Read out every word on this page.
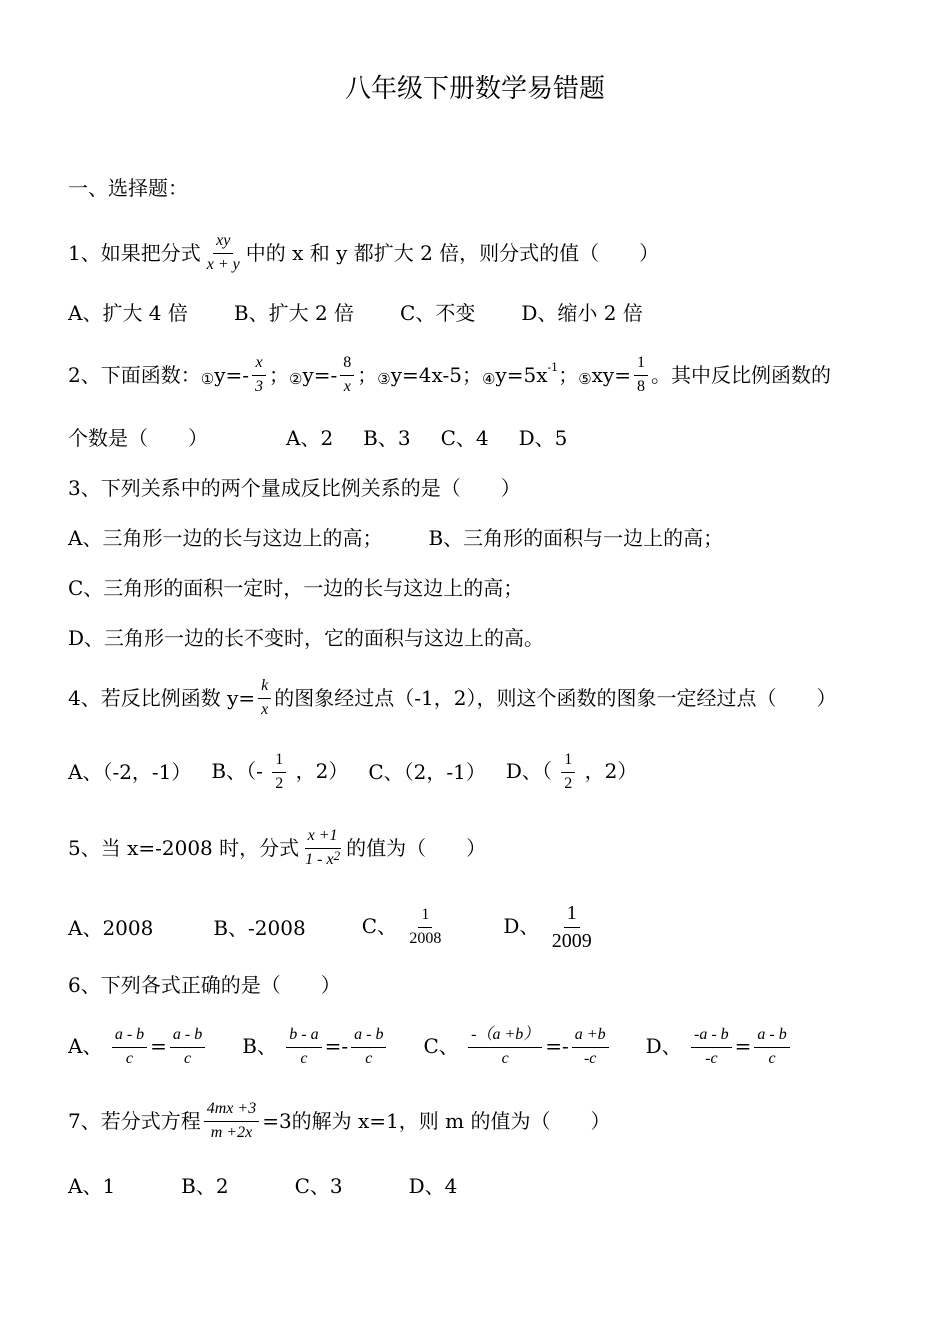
八年级下册数学易错题
一、选择题：
1、如果把分式 $\frac{xy}{x + y}$ 中的 x 和 y 都扩大 2 倍，则分式的值（　　）
A、扩大 4 倍 B、扩大 2 倍 C、不变 D、缩小 2 倍
2、下面函数： ① $y=- \frac{x}{3}$ ； ② $y=- \frac{8}{x}$ ； ③ y=4x-5； ④ y=5x -1 ； ⑤ $xy= \frac{1}{8}$ 。其中反比例函数的
个数是（　　）	A、2 B、3 C、4 D、5
3、下列关系中的两个量成反比例关系的是（　　）
A、三角形一边的长与这边上的高； B、三角形的面积与一边上的高；
C、三角形的面积一定时，一边的长与这边上的高；
D、三角形一边的长不变时，它的面积与这边上的高。
4、若反比例函数 $y= \frac{k}{x}$ 的图象经过点（-1，2），则这个函数的图象一定经过点（　　）
A、（-2，-1） B、（- $\frac{1}{2}$ ，2） C、（2，-1） D、（ $\frac{1}{2}$ ，2）
5、当 x=-2008 时，分式 $\frac{x +1}{1 - x^2}$ 的值为（　　）
A、2008	B、-2008	C、 $\frac{1}{2008}$	D、 $\frac{1}{2009}$
6、下列各式正确的是（　　）
A、 $\frac{a - b}{c} = \frac{a - b}{c}$ B、 $\frac{b - a}{c} =- \frac{a - b}{c}$ C、 $\frac{-(a +b)}{c} =- \frac{a +b}{-c}$ D、 $\frac{-a - b}{-c} = \frac{a - b}{c}$
7、若分式方程 $\frac{4mx +3}{m +2x} =3$ 的解为 x=1，则 m 的值为（　　）
A、1	B、2	C、3	D、4
